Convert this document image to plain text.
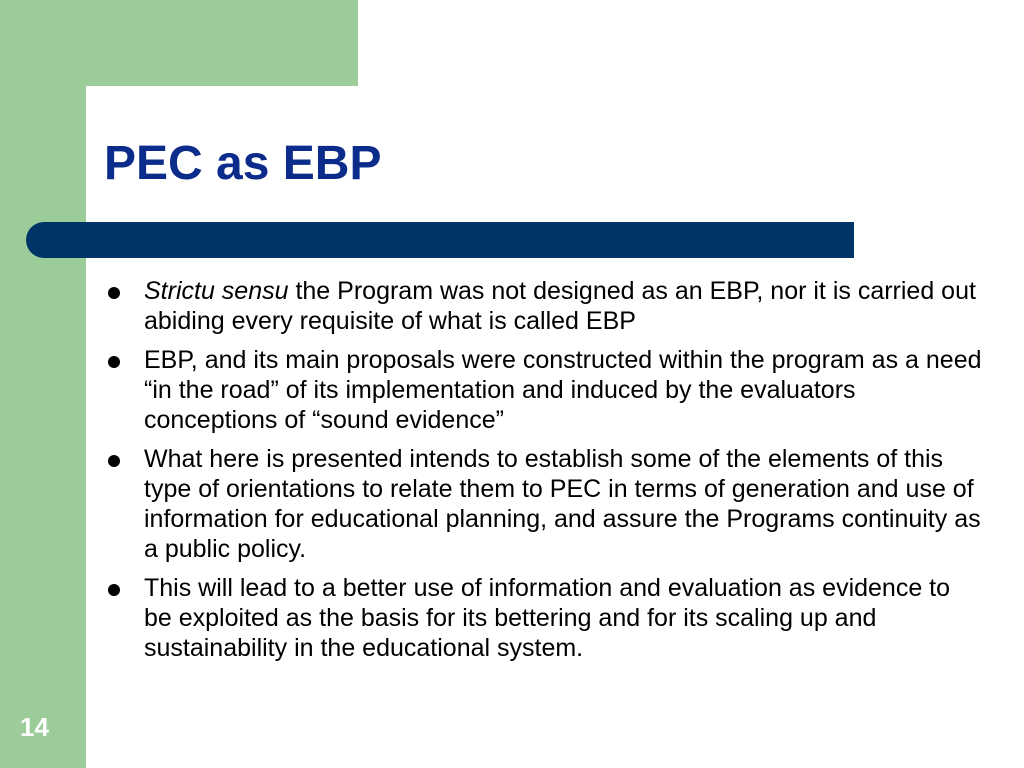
PEC as EBP
Strictu sensu the Program was not designed as an EBP, nor it is carried out abiding every requisite of what is called EBP
EBP, and its main proposals were constructed within the program as a need “in the road” of its implementation and induced by the evaluators conceptions of “sound evidence”
What here is presented intends to establish some of the elements of this type of orientations to relate them to PEC in terms of generation and use of information for educational planning, and assure the Programs continuity as a public policy.
This will lead to a better use of information and evaluation as evidence to be exploited as the basis for its bettering and for its scaling up and sustainability in the educational system.
14
